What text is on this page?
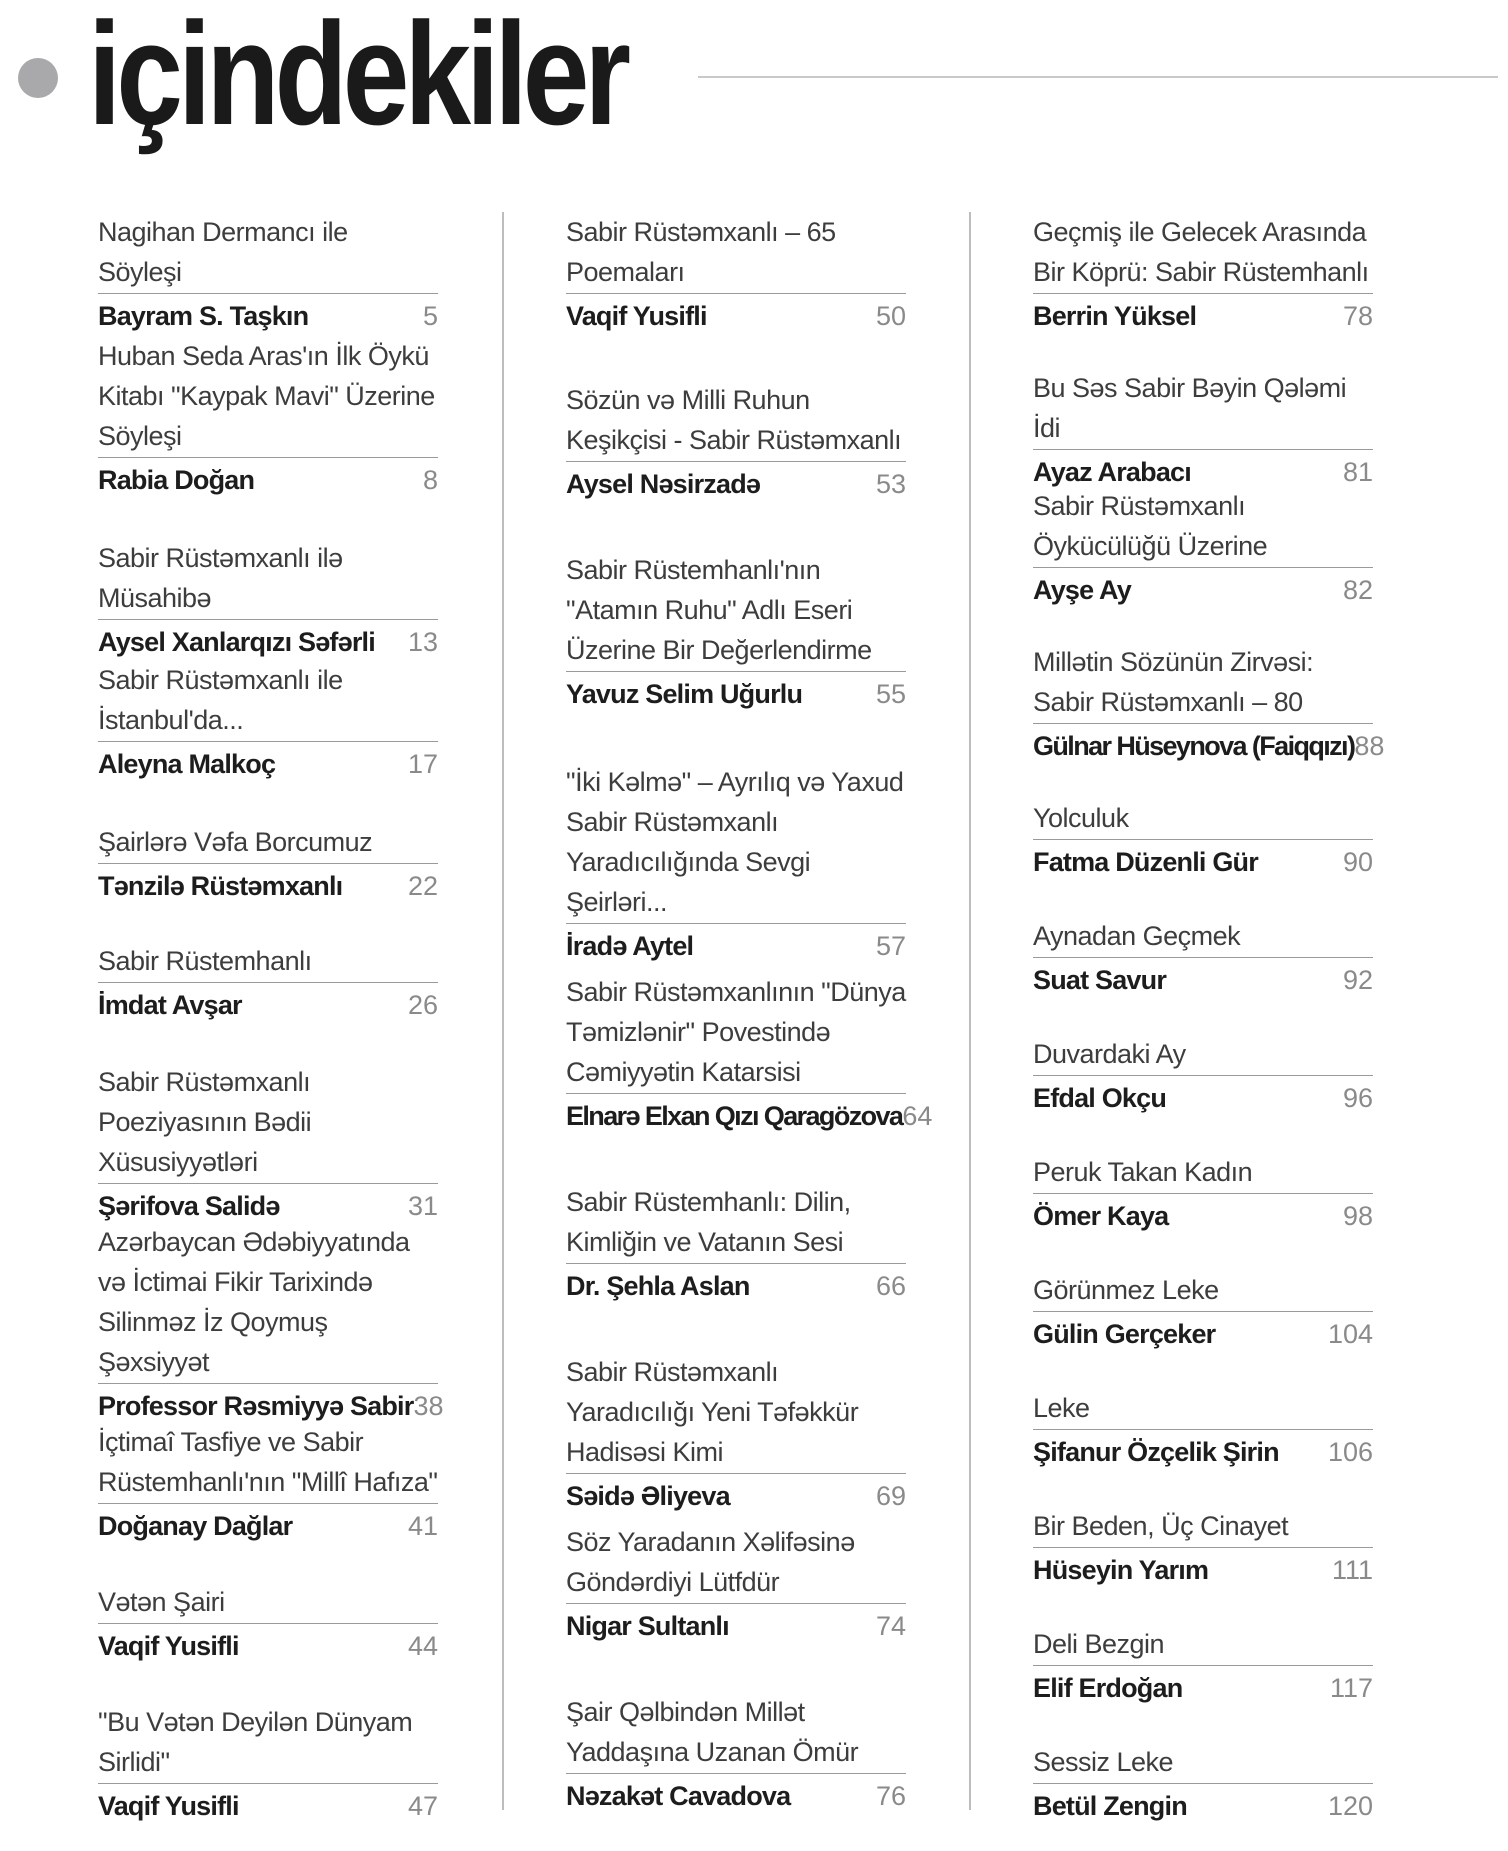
içindekiler
Nagihan Dermancı ile Söyleşi
Bayram S. Taşkın	5
Huban Seda Aras'ın İlk Öykü Kitabı "Kaypak Mavi" Üzerine Söyleşi
Rabia Doğan	8
Sabir Rüstəmxanlı ilə Müsahibə
Aysel Xanlarqızı Səfərli 13
Sabir Rüstəmxanlı ile İstanbul'da...
Aleyna Malkoç	17
Şairlərə Vəfa Borcumuz
Tənzilə Rüstəmxanlı 22
Sabir Rüstemhanlı
İmdat Avşar	26
Sabir Rüstəmxanlı Poeziyasının Bədii Xüsusiyyətləri
Şərifova Salidə	31
Azərbaycan Ədəbiyyatında və İctimai Fikir Tarixində Silinməz İz Qoymuş Şəxsiyyət
Professor Rəsmiyyə Sabir 38
İçtimaî Tasfiye ve Sabir Rüstemhanlı'nın "Millî Hafıza"
Doğanay Dağlar	41
Vətən Şairi
Vaqif Yusifli	44
"Bu Vətən Deyilən Dünyam Sirlidi"
Vaqif Yusifli	47
Sabir Rüstəmxanlı – 65 Poemaları
Vaqif Yusifli	50
Sözün və Milli Ruhun Keşikçisi - Sabir Rüstəmxanlı
Aysel Nəsirzadə	53
Sabir Rüstemhanlı'nın "Atamın Ruhu" Adlı Eseri Üzerine Bir Değerlendirme
Yavuz Selim Uğurlu	55
"İki Kəlmə" – Ayrılıq və Yaxud Sabir Rüstəmxanlı Yaradıcılığında Sevgi Şeirləri...
İradə Aytel	57
Sabir Rüstəmxanlının "Dünya Təmizlənir" Povestində Cəmiyyətin Katarsisi
Elnarə Elxan Qızı Qaragözova 64
Sabir Rüstemhanlı: Dilin, Kimliğin ve Vatanın Sesi
Dr. Şehla Aslan	66
Sabir Rüstəmxanlı Yaradıcılığı Yeni Təfəkkür Hadisəsi Kimi
Səidə Əliyeva	69
Söz Yaradanın Xəlifəsinə Göndərdiyi Lütfdür
Nigar Sultanlı	74
Şair Qəlbindən Millət Yaddaşına Uzanan Ömür
Nəzakət Cavadova	76
Geçmiş ile Gelecek Arasında Bir Köprü: Sabir Rüstemhanlı
Berrin Yüksel	78
Bu Səs Sabir Bəyin Qələmi İdi
Ayaz Arabacı	81
Sabir Rüstəmxanlı Öykücülüğü Üzerine
Ayşe Ay	82
Millətin Sözünün Zirvəsi: Sabir Rüstəmxanlı – 80
Gülnar Hüseynova (Faiqqızı) 88
Yolculuk
Fatma Düzenli Gür	90
Aynadan Geçmek
Suat Savur	92
Duvardaki Ay
Efdal Okçu	96
Peruk Takan Kadın
Ömer Kaya	98
Görünmez Leke
Gülin Gerçeker	104
Leke
Şifanur Özçelik Şirin 106
Bir Beden, Üç Cinayet
Hüseyin Yarım	111
Deli Bezgin
Elif Erdoğan	117
Sessiz Leke
Betül Zengin	120
